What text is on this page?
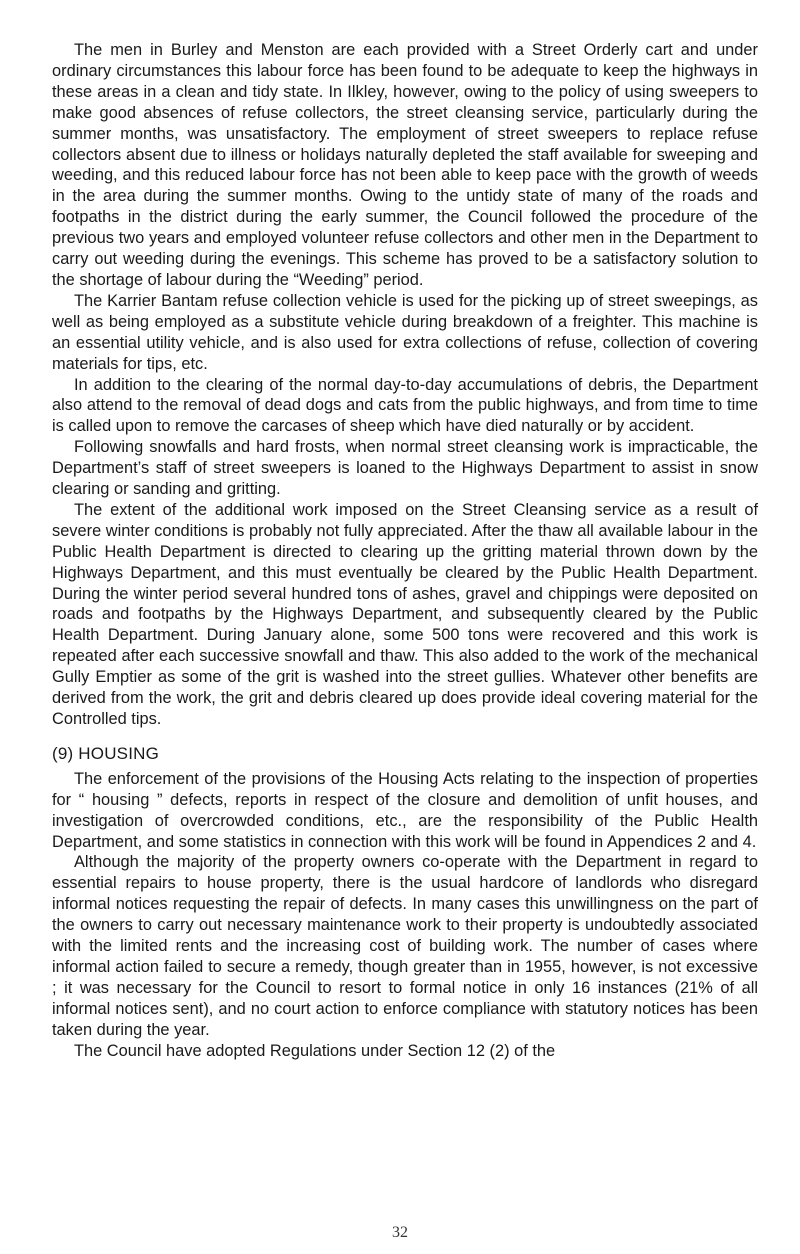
The men in Burley and Menston are each provided with a Street Orderly cart and under ordinary circumstances this labour force has been found to be adequate to keep the highways in these areas in a clean and tidy state. In Ilkley, however, owing to the policy of using sweepers to make good absences of refuse collectors, the street cleansing service, particularly during the summer months, was unsatisfactory. The employment of street sweepers to replace refuse collectors absent due to illness or holidays naturally depleted the staff available for sweeping and weeding, and this reduced labour force has not been able to keep pace with the growth of weeds in the area during the summer months. Owing to the untidy state of many of the roads and footpaths in the district during the early summer, the Council followed the procedure of the previous two years and employed volunteer refuse collectors and other men in the Department to carry out weeding during the evenings. This scheme has proved to be a satisfactory solution to the shortage of labour during the “Weeding” period.

The Karrier Bantam refuse collection vehicle is used for the picking up of street sweepings, as well as being employed as a substitute vehicle during breakdown of a freighter. This machine is an essential utility vehicle, and is also used for extra collections of refuse, collection of covering materials for tips, etc.

In addition to the clearing of the normal day-to-day accumulations of debris, the Department also attend to the removal of dead dogs and cats from the public highways, and from time to time is called upon to remove the carcases of sheep which have died naturally or by accident.

Following snowfalls and hard frosts, when normal street cleansing work is impracticable, the Department’s staff of street sweepers is loaned to the Highways Department to assist in snow clearing or sanding and gritting.

The extent of the additional work imposed on the Street Cleansing service as a result of severe winter conditions is probably not fully appreciated. After the thaw all available labour in the Public Health Department is directed to clearing up the gritting material thrown down by the Highways Department, and this must eventually be cleared by the Public Health Department. During the winter period several hundred tons of ashes, gravel and chippings were deposited on roads and footpaths by the Highways Department, and subsequently cleared by the Public Health Department. During January alone, some 500 tons were recovered and this work is repeated after each successive snowfall and thaw. This also added to the work of the mechanical Gully Emptier as some of the grit is washed into the street gullies. Whatever other benefits are derived from the work, the grit and debris cleared up does provide ideal covering material for the Controlled tips.

(9) HOUSING

The enforcement of the provisions of the Housing Acts relating to the inspection of properties for “ housing ” defects, reports in respect of the closure and demolition of unfit houses, and investigation of overcrowded conditions, etc., are the responsibility of the Public Health Department, and some statistics in connection with this work will be found in Appendices 2 and 4.

Although the majority of the property owners co-operate with the Department in regard to essential repairs to house property, there is the usual hardcore of landlords who disregard informal notices requesting the repair of defects. In many cases this unwillingness on the part of the owners to carry out necessary maintenance work to their property is undoubtedly associated with the limited rents and the increasing cost of building work. The number of cases where informal action failed to secure a remedy, though greater than in 1955, however, is not excessive ; it was necessary for the Council to resort to formal notice in only 16 instances (21% of all informal notices sent), and no court action to enforce compliance with statutory notices has been taken during the year.

The Council have adopted Regulations under Section 12 (2) of the

32
